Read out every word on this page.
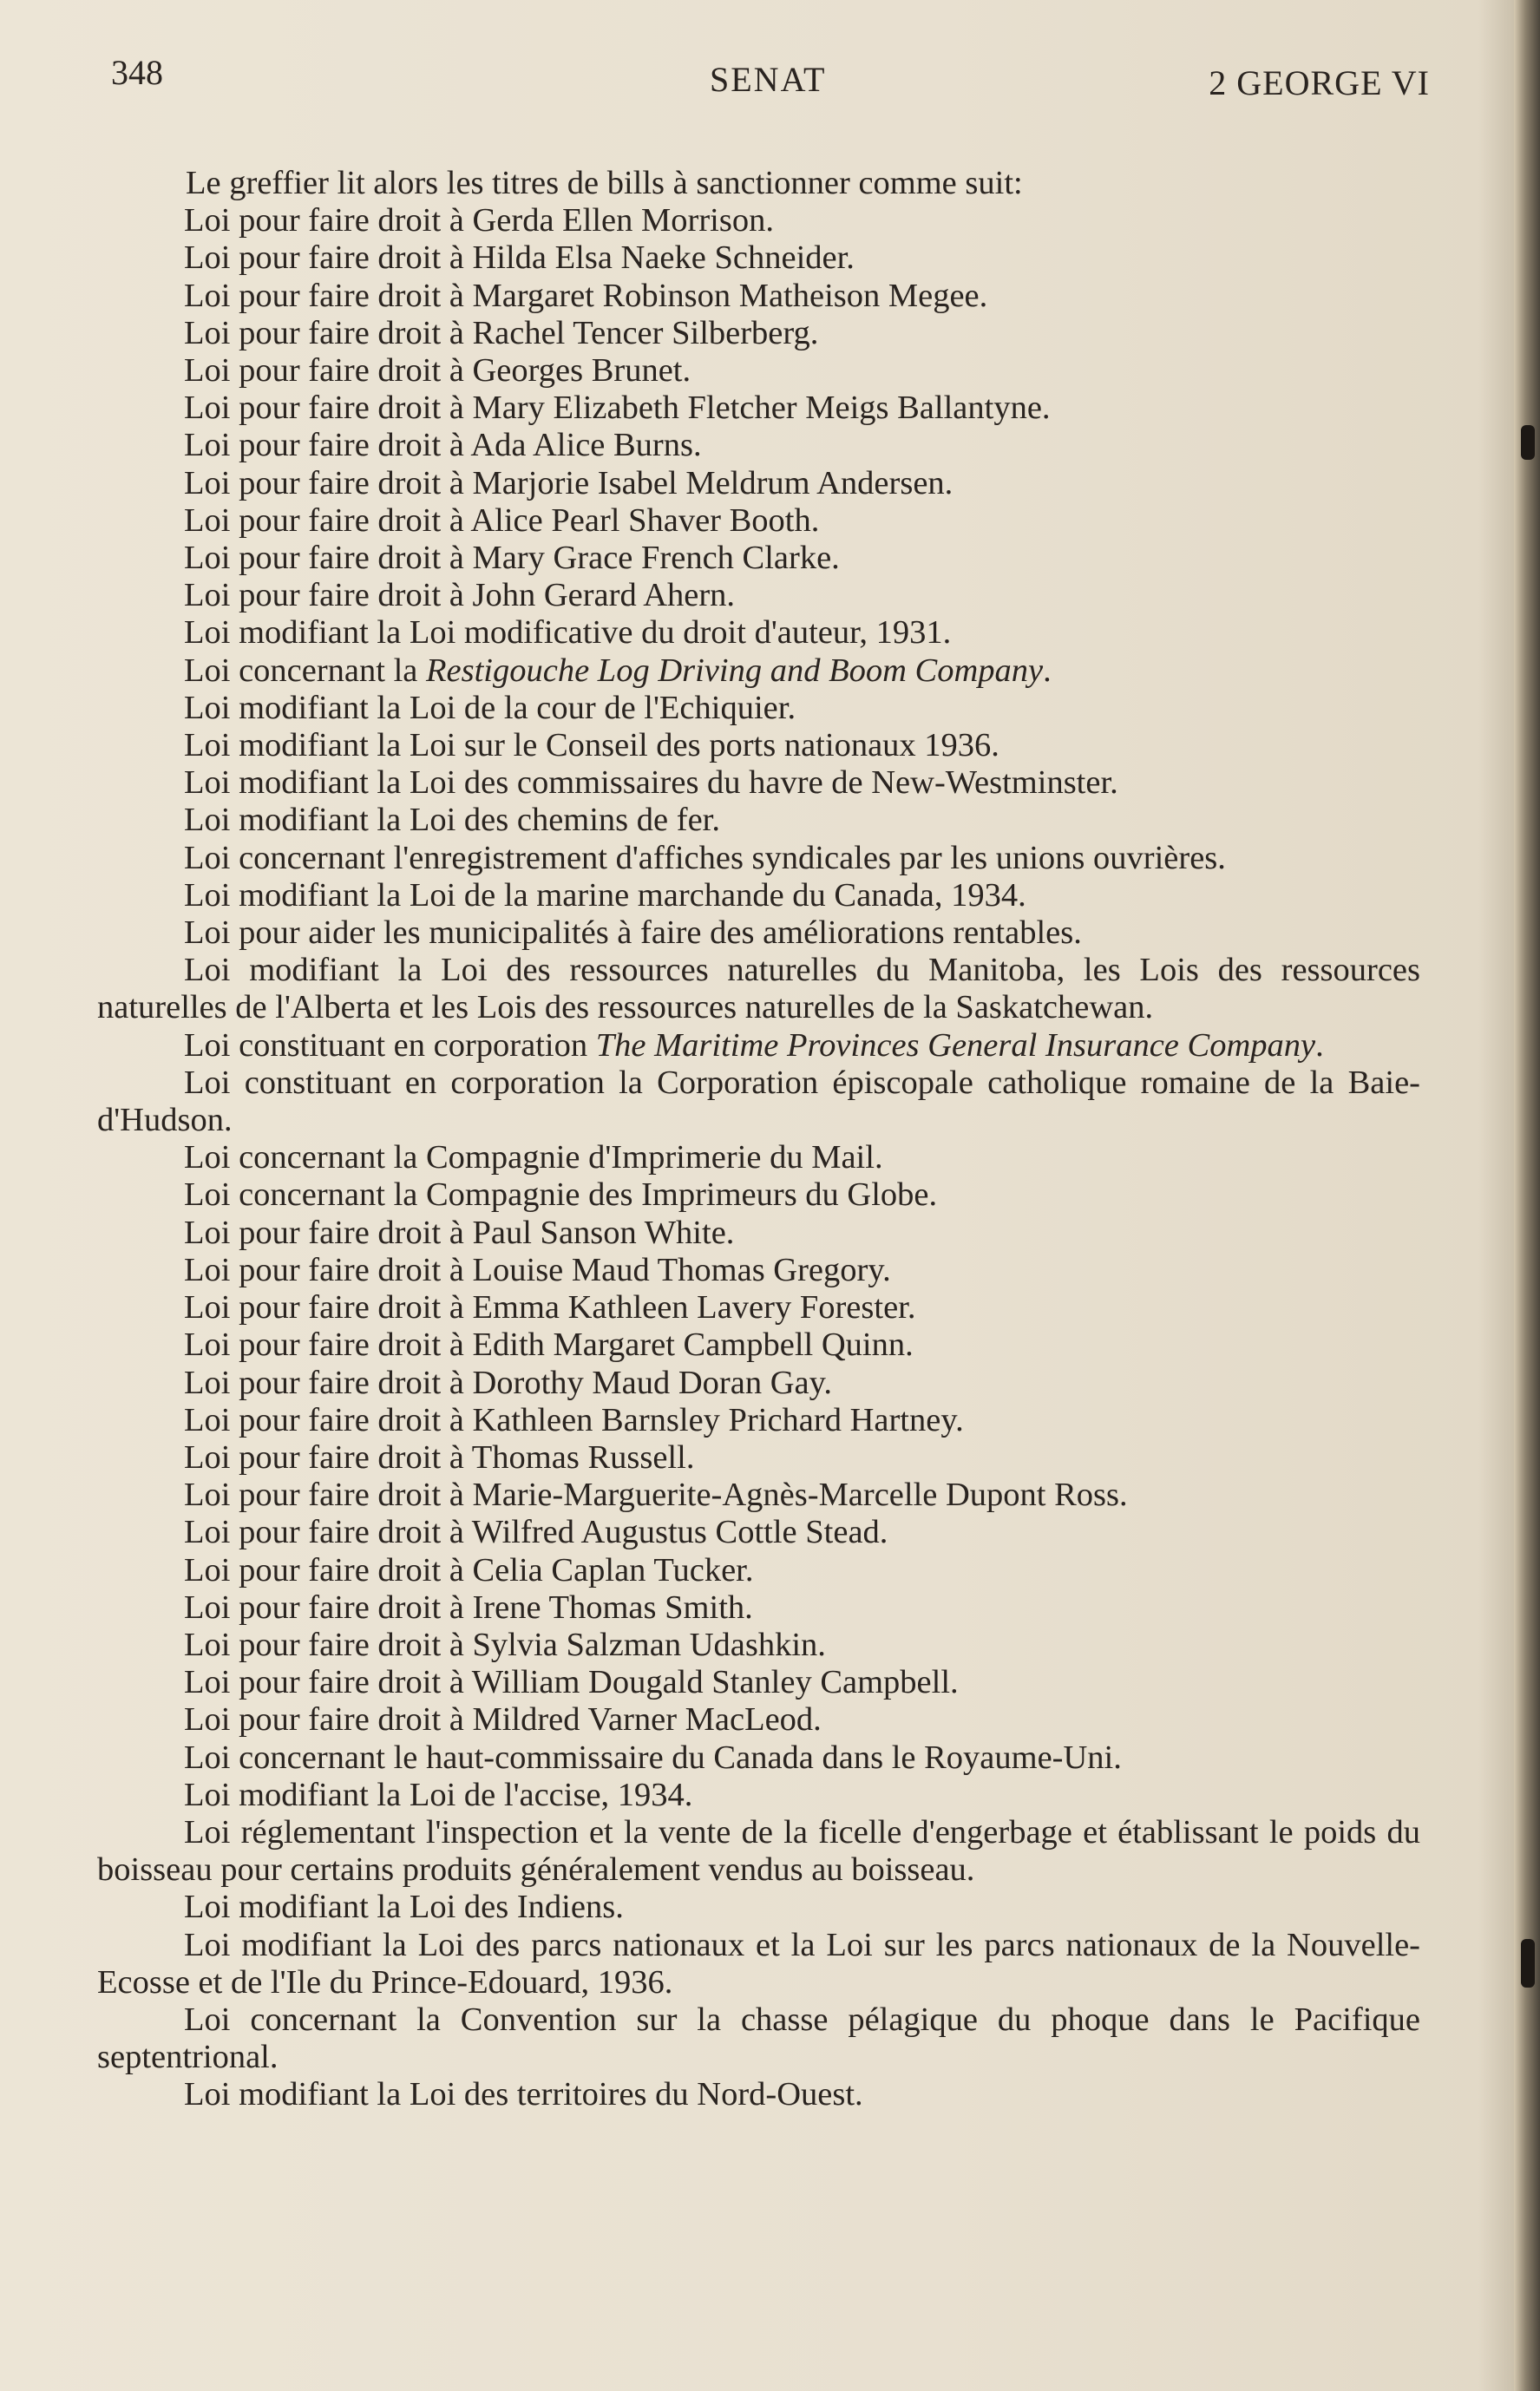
348	SENAT	2 GEORGE VI

Le greffier lit alors les titres de bills à sanctionner comme suit:

Loi pour faire droit à Gerda Ellen Morrison.

Loi pour faire droit à Hilda Elsa Naeke Schneider.

Loi pour faire droit à Margaret Robinson Matheison Megee.

Loi pour faire droit à Rachel Tencer Silberberg.

Loi pour faire droit à Georges Brunet.

Loi pour faire droit à Mary Elizabeth Fletcher Meigs Ballantyne.

Loi pour faire droit à Ada Alice Burns.

Loi pour faire droit à Marjorie Isabel Meldrum Andersen.

Loi pour faire droit à Alice Pearl Shaver Booth.

Loi pour faire droit à Mary Grace French Clarke.

Loi pour faire droit à John Gerard Ahern.

Loi modifiant la Loi modificative du droit d'auteur, 1931.

Loi concernant la Restigouche Log Driving and Boom Company.

Loi modifiant la Loi de la cour de l'Echiquier.

Loi modifiant la Loi sur le Conseil des ports nationaux 1936.

Loi modifiant la Loi des commissaires du havre de New-Westminster.

Loi modifiant la Loi des chemins de fer.

Loi concernant l'enregistrement d'affiches syndicales par les unions ouvrières.

Loi modifiant la Loi de la marine marchande du Canada, 1934.

Loi pour aider les municipalités à faire des améliorations rentables.

Loi modifiant la Loi des ressources naturelles du Manitoba, les Lois des ressources naturelles de l'Alberta et les Lois des ressources naturelles de la Saskatchewan.

Loi constituant en corporation The Maritime Provinces General Insurance Company.

Loi constituant en corporation la Corporation épiscopale catholique romaine de la Baie-d'Hudson.

Loi concernant la Compagnie d'Imprimerie du Mail.

Loi concernant la Compagnie des Imprimeurs du Globe.

Loi pour faire droit à Paul Sanson White.

Loi pour faire droit à Louise Maud Thomas Gregory.

Loi pour faire droit à Emma Kathleen Lavery Forester.

Loi pour faire droit à Edith Margaret Campbell Quinn.

Loi pour faire droit à Dorothy Maud Doran Gay.

Loi pour faire droit à Kathleen Barnsley Prichard Hartney.

Loi pour faire droit à Thomas Russell.

Loi pour faire droit à Marie-Marguerite-Agnès-Marcelle Dupont Ross.

Loi pour faire droit à Wilfred Augustus Cottle Stead.

Loi pour faire droit à Celia Caplan Tucker.

Loi pour faire droit à Irene Thomas Smith.

Loi pour faire droit à Sylvia Salzman Udashkin.

Loi pour faire droit à William Dougald Stanley Campbell.

Loi pour faire droit à Mildred Varner MacLeod.

Loi concernant le haut-commissaire du Canada dans le Royaume-Uni.

Loi modifiant la Loi de l'accise, 1934.

Loi réglementant l'inspection et la vente de la ficelle d'engerbage et établissant le poids du boisseau pour certains produits généralement vendus au boisseau.

Loi modifiant la Loi des Indiens.

Loi modifiant la Loi des parcs nationaux et la Loi sur les parcs nationaux de la Nouvelle-Ecosse et de l'Ile du Prince-Edouard, 1936.

Loi concernant la Convention sur la chasse pélagique du phoque dans le Pacifique septentrional.

Loi modifiant la Loi des territoires du Nord-Ouest.
